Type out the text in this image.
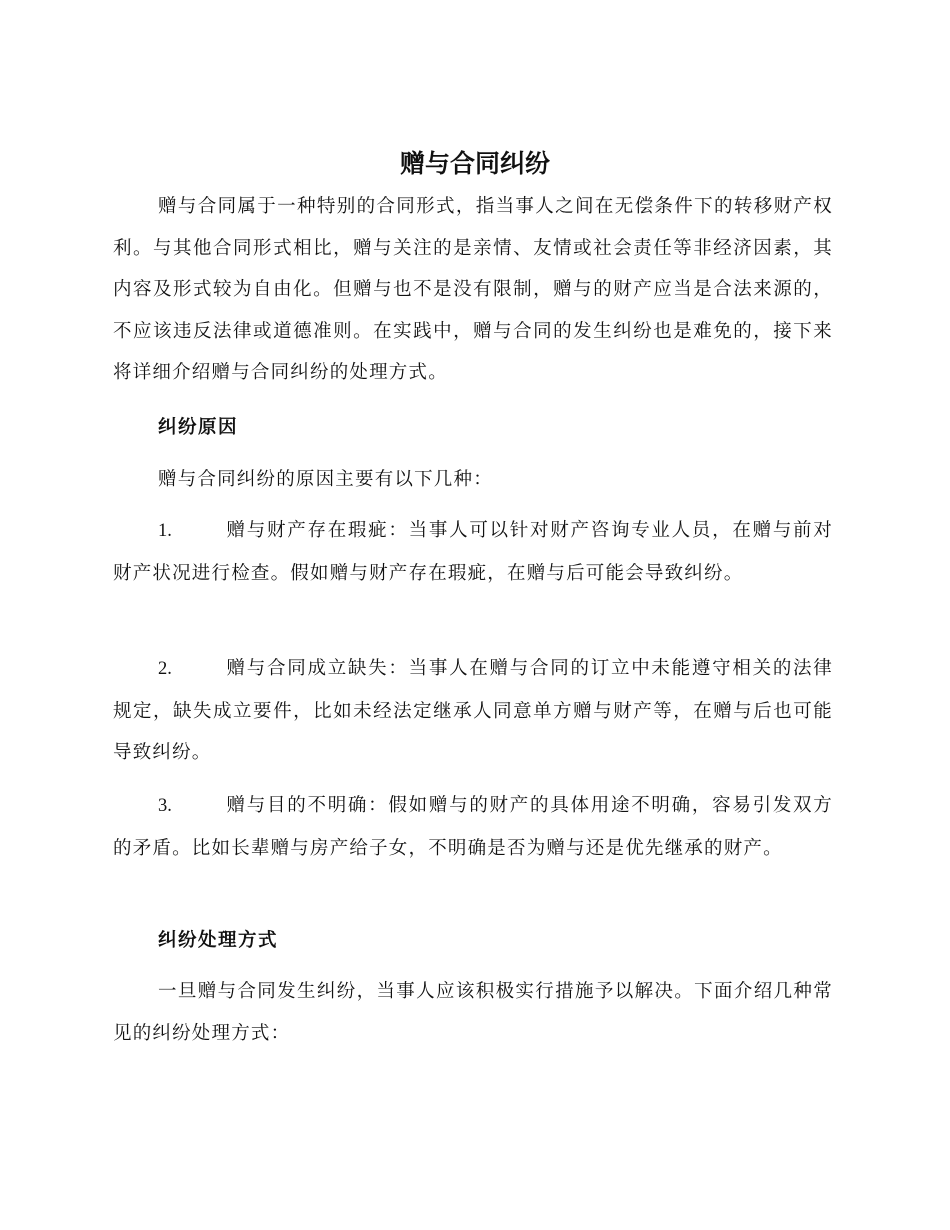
赠与合同纠纷

赠与合同属于一种特别的合同形式，指当事人之间在无偿条件下的转移财产权利。与其他合同形式相比，赠与关注的是亲情、友情或社会责任等非经济因素，其内容及形式较为自由化。但赠与也不是没有限制，赠与的财产应当是合法来源的，不应该违反法律或道德准则。在实践中，赠与合同的发生纠纷也是难免的，接下来将详细介绍赠与合同纠纷的处理方式。

纠纷原因

赠与合同纠纷的原因主要有以下几种：

1.	赠与财产存在瑕疵：当事人可以针对财产咨询专业人员，在赠与前对财产状况进行检查。假如赠与财产存在瑕疵，在赠与后可能会导致纠纷。

2.	赠与合同成立缺失：当事人在赠与合同的订立中未能遵守相关的法律规定，缺失成立要件，比如未经法定继承人同意单方赠与财产等，在赠与后也可能导致纠纷。

3.	赠与目的不明确：假如赠与的财产的具体用途不明确，容易引发双方的矛盾。比如长辈赠与房产给子女，不明确是否为赠与还是优先继承的财产。

纠纷处理方式

一旦赠与合同发生纠纷，当事人应该积极实行措施予以解决。下面介绍几种常见的纠纷处理方式：
